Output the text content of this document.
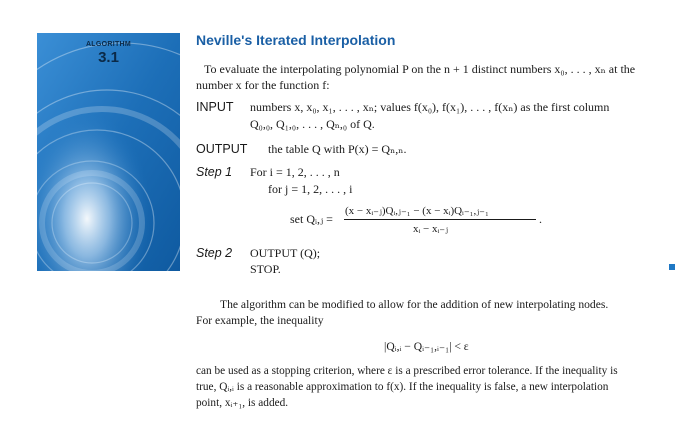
ALGORITHM
3.1
Neville's Iterated Interpolation
To evaluate the interpolating polynomial P on the n + 1 distinct numbers x₀, . . . , xₙ at the
number x for the function f:
INPUT numbers x, x₀, x₁, . . . , xₙ; values f(x₀), f(x₁), . . . , f(xₙ) as the first column
Q₀,₀, Q₁,₀, . . . , Qₙ,₀ of Q.
OUTPUT the table Q with P(x) = Qₙ,ₙ.
Step 1 For i = 1, 2, . . . , n
for j = 1, 2, . . . , i
set Qᵢ,ⱼ =
(x − xᵢ₋ⱼ)Qᵢ,ⱼ₋₁ − (x − xᵢ)Qᵢ₋₁,ⱼ₋₁
xᵢ − xᵢ₋ⱼ
.
Step 2 OUTPUT (Q);
STOP.
The algorithm can be modified to allow for the addition of new interpolating nodes.
For example, the inequality
|Qᵢ,ᵢ − Qᵢ₋₁,ᵢ₋₁| < ε
can be used as a stopping criterion, where ε is a prescribed error tolerance. If the inequality is
true, Qᵢ,ᵢ is a reasonable approximation to f(x). If the inequality is false, a new interpolation
point, xᵢ₊₁, is added.
